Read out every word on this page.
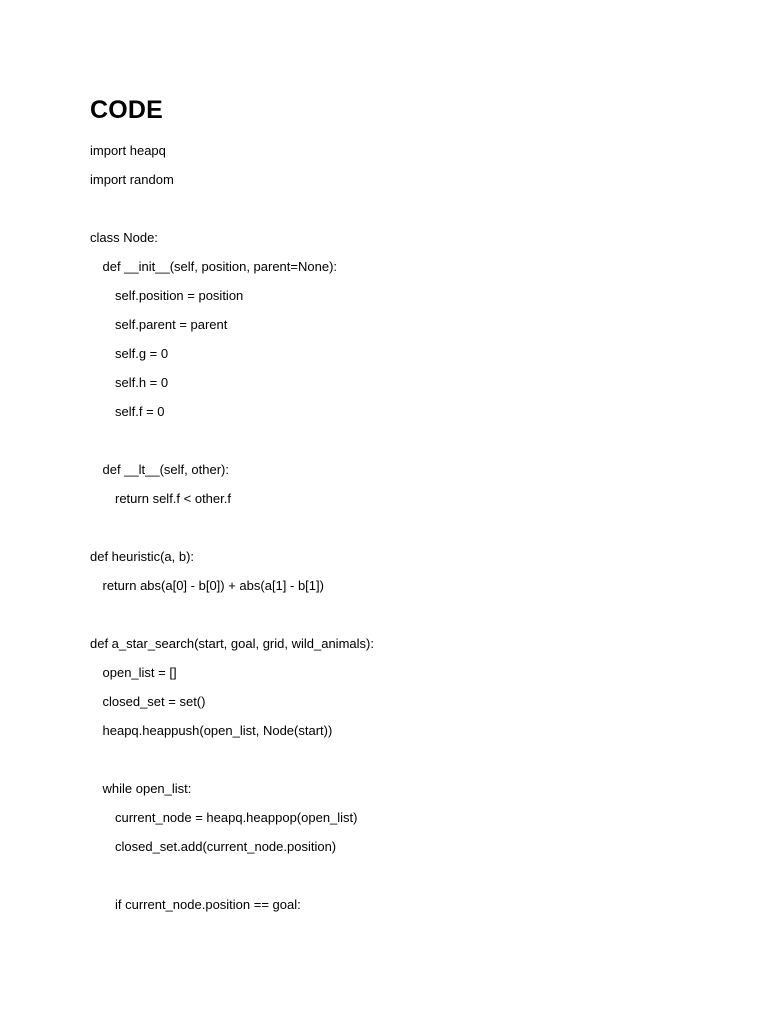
CODE
import heapq
import random
class Node:
def __init__(self, position, parent=None):
self.position = position
self.parent = parent
self.g = 0
self.h = 0
self.f = 0
def __lt__(self, other):
return self.f < other.f
def heuristic(a, b):
return abs(a[0] - b[0]) + abs(a[1] - b[1])
def a_star_search(start, goal, grid, wild_animals):
open_list = []
closed_set = set()
heapq.heappush(open_list, Node(start))
while open_list:
current_node = heapq.heappop(open_list)
closed_set.add(current_node.position)
if current_node.position == goal:
